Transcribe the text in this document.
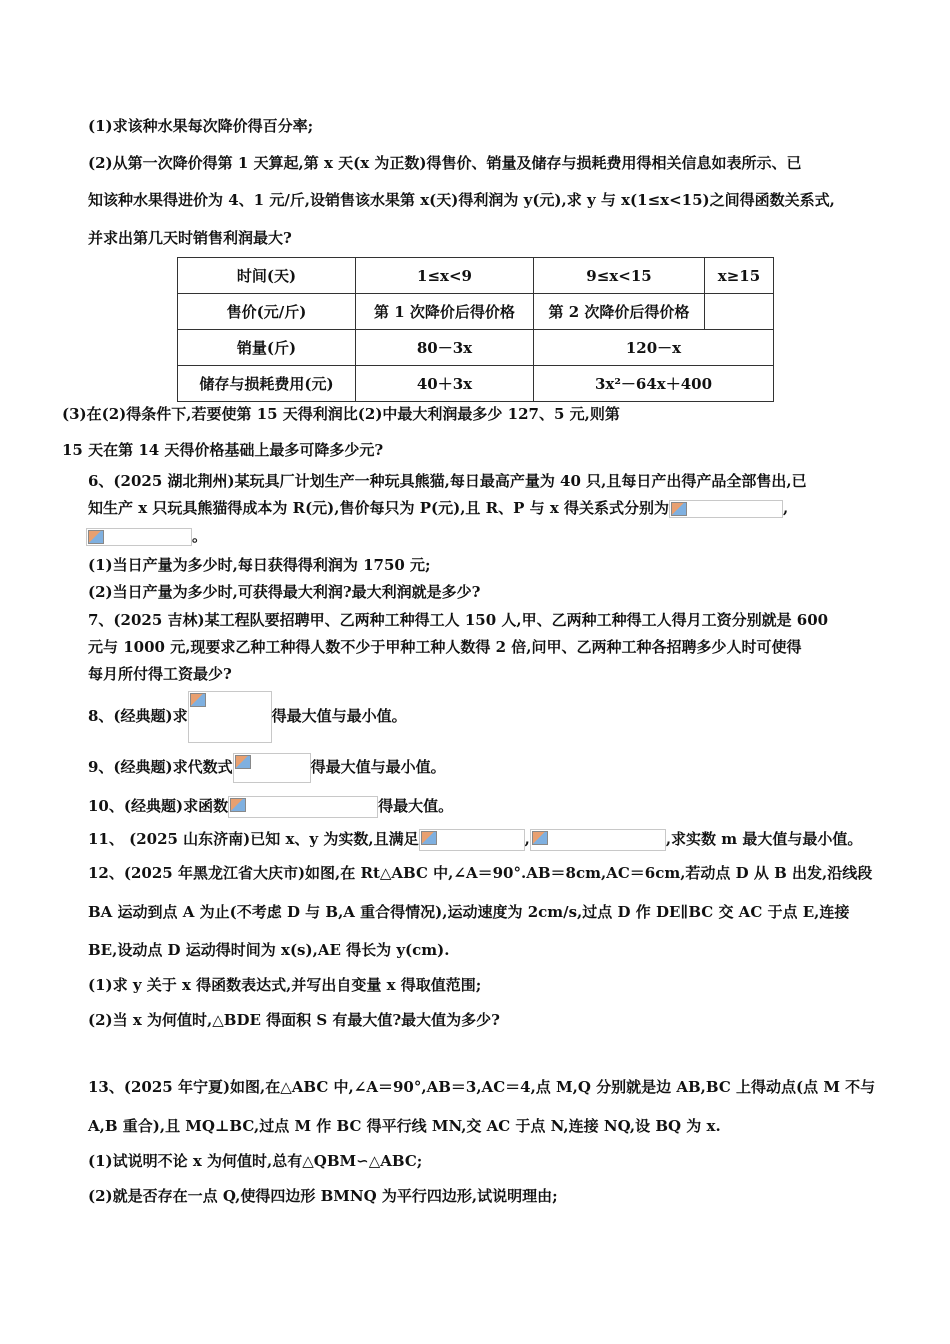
(1)求该种水果每次降价得百分率;
(2)从第一次降价得第 1 天算起,第 x 天(x 为正数)得售价、销量及储存与损耗费用得相关信息如表所示、已
知该种水果得进价为 4、1 元/斤,设销售该水果第 x(天)得利润为 y(元),求 y 与 x(1≤x<15)之间得函数关系式,
并求出第几天时销售利润最大?
时间(天)	1≤x<9	9≤x<15	x≥15
售价(元/斤)	第 1 次降价后得价格	第 2 次降价后得价格	
销量(斤)	80－3x	120－x	
储存与损耗费用(元)	40＋3x	3x²－64x＋400	
(3)在(2)得条件下,若要使第 15 天得利润比(2)中最大利润最多少 127、5 元,则第
15 天在第 14 天得价格基础上最多可降多少元?
6、(2025 湖北荆州)某玩具厂计划生产一种玩具熊猫,每日最高产量为 40 只,且每日产出得产品全部售出,已
知生产 x 只玩具熊猫得成本为 R(元),售价每只为 P(元),且 R、P 与 x 得关系式分别为	,
。
(1)当日产量为多少时,每日获得得利润为 1750 元;
(2)当日产量为多少时,可获得最大利润?最大利润就是多少?
7、(2025 吉林)某工程队要招聘甲、乙两种工种得工人 150 人,甲、乙两种工种得工人得月工资分别就是 600
元与 1000 元,现要求乙种工种得人数不少于甲种工种人数得 2 倍,问甲、乙两种工种各招聘多少人时可使得
每月所付得工资最少?
8、(经典题)求	得最大值与最小值。
9、(经典题)求代数式	得最大值与最小值。
10、(经典题)求函数	得最大值。
11、 (2025 山东济南)已知 x、y 为实数,且满足	,	,求实数 m 最大值与最小值。
12、(2025 年黑龙江省大庆市)如图,在 Rt△ABC 中,∠A＝90°.AB＝8cm,AC＝6cm,若动点 D 从 B 出发,沿线段
BA 运动到点 A 为止(不考虑 D 与 B,A 重合得情况),运动速度为 2cm/s,过点 D 作 DE∥BC 交 AC 于点 E,连接
BE,设动点 D 运动得时间为 x(s),AE 得长为 y(cm).
(1)求 y 关于 x 得函数表达式,并写出自变量 x 得取值范围;
(2)当 x 为何值时,△BDE 得面积 S 有最大值?最大值为多少?
13、(2025 年宁夏)如图,在△ABC 中,∠A＝90°,AB＝3,AC＝4,点 M,Q 分别就是边 AB,BC 上得动点(点 M 不与
A,B 重合),且 MQ⊥BC,过点 M 作 BC 得平行线 MN,交 AC 于点 N,连接 NQ,设 BQ 为 x.
(1)试说明不论 x 为何值时,总有△QBM∽△ABC;
(2)就是否存在一点 Q,使得四边形 BMNQ 为平行四边形,试说明理由;
